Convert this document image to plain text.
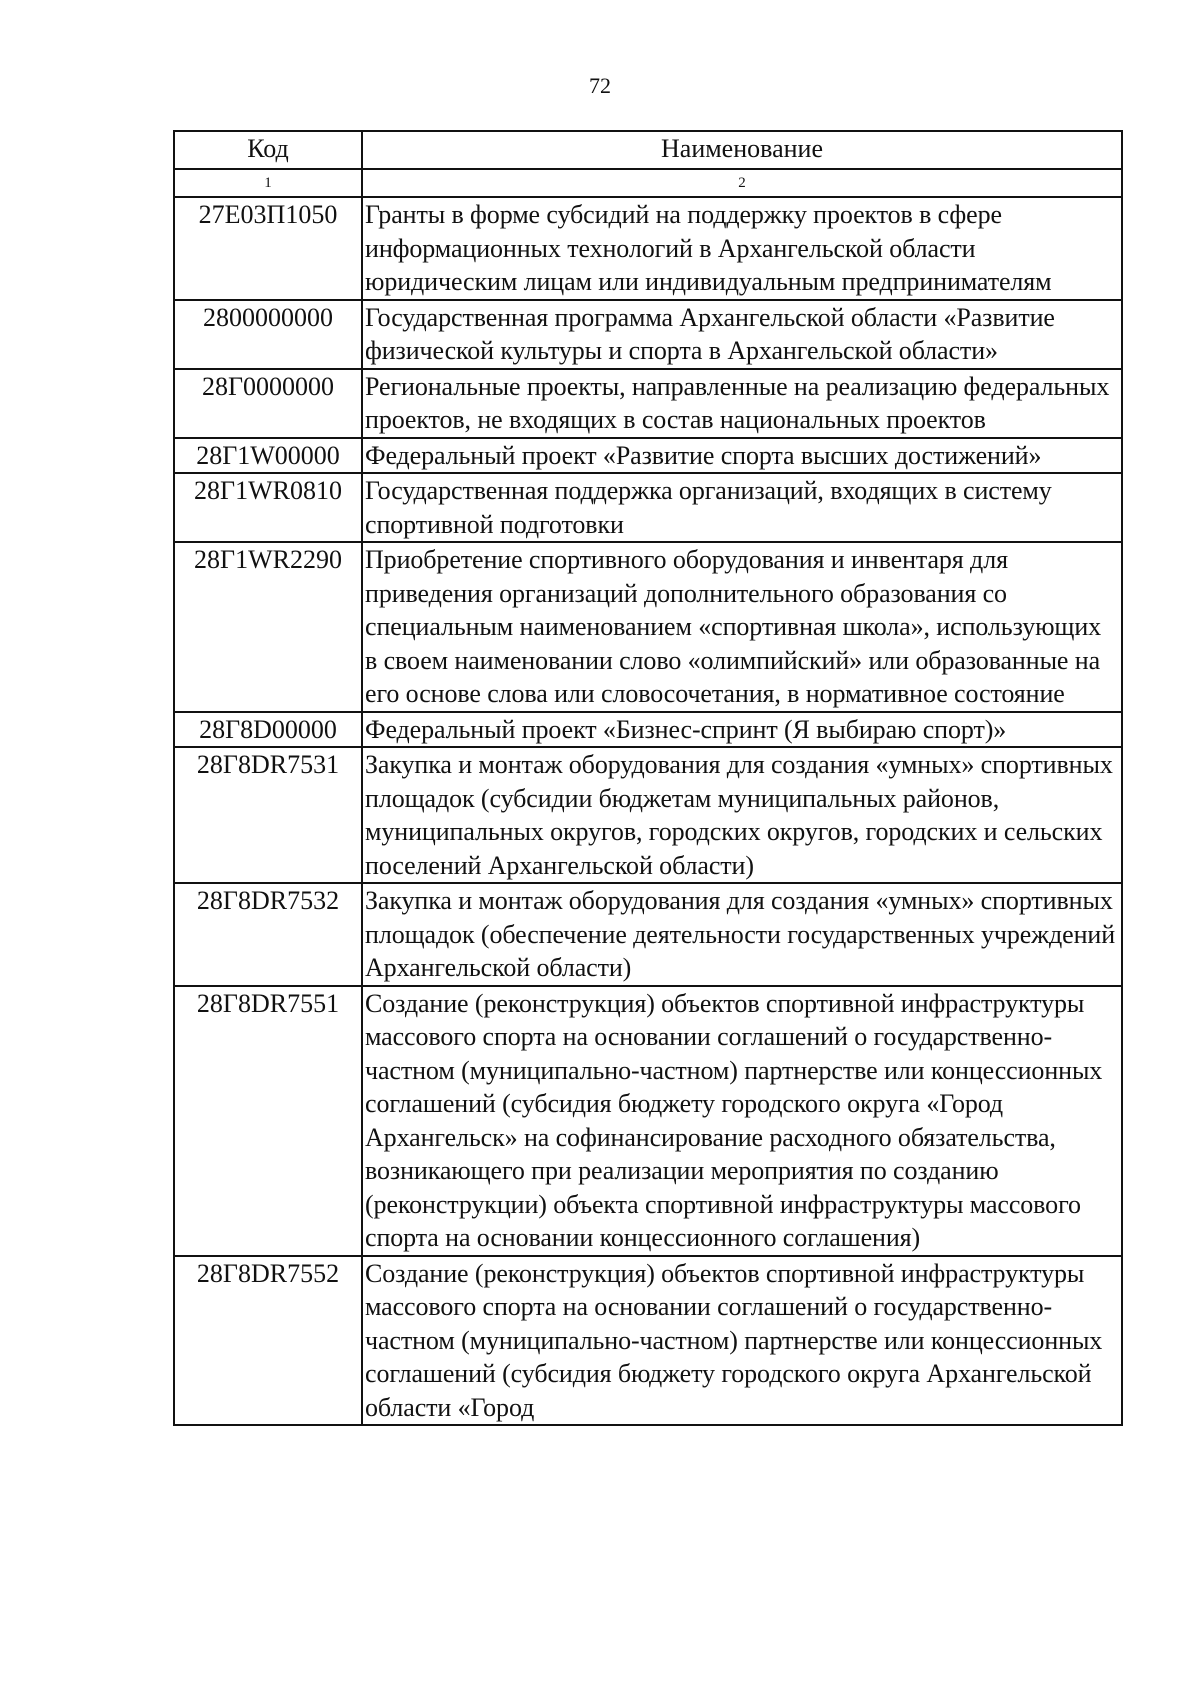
72
Код	Наименование
1	2
27Е03П1050	Гранты в форме субсидий на поддержку проектов в сфере информационных технологий в Архангельской области юридическим лицам или индивидуальным предпринимателям
2800000000	Государственная программа Архангельской области «Развитие физической культуры и спорта в Архангельской области»
28Г0000000	Региональные проекты, направленные на реализацию федеральных проектов, не входящих в состав национальных проектов
28Г1W00000	Федеральный проект «Развитие спорта высших достижений»
28Г1WR0810	Государственная поддержка организаций, входящих в систему спортивной подготовки
28Г1WR2290	Приобретение спортивного оборудования и инвентаря для приведения организаций дополнительного образования со специальным наименованием «спортивная школа», использующих в своем наименовании слово «олимпийский» или образованные на его основе слова или словосочетания, в нормативное состояние
28Г8D00000	Федеральный проект «Бизнес-спринт (Я выбираю спорт)»
28Г8DR7531	Закупка и монтаж оборудования для создания «умных» спортивных площадок (субсидии бюджетам муниципальных районов, муниципальных округов, городских округов, городских и сельских поселений Архангельской области)
28Г8DR7532	Закупка и монтаж оборудования для создания «умных» спортивных площадок (обеспечение деятельности государственных учреждений Архангельской области)
28Г8DR7551	Создание (реконструкция) объектов спортивной инфраструктуры массового спорта на основании соглашений о государственно-частном (муниципально-частном) партнерстве или концессионных соглашений (субсидия бюджету городского округа «Город Архангельск» на софинансирование расходного обязательства, возникающего при реализации мероприятия по созданию (реконструкции) объекта спортивной инфраструктуры массового спорта на основании концессионного соглашения)
28Г8DR7552	Создание (реконструкция) объектов спортивной инфраструктуры массового спорта на основании соглашений о государственно-частном (муниципально-частном) партнерстве или концессионных соглашений (субсидия бюджету городского округа Архангельской области «Город
